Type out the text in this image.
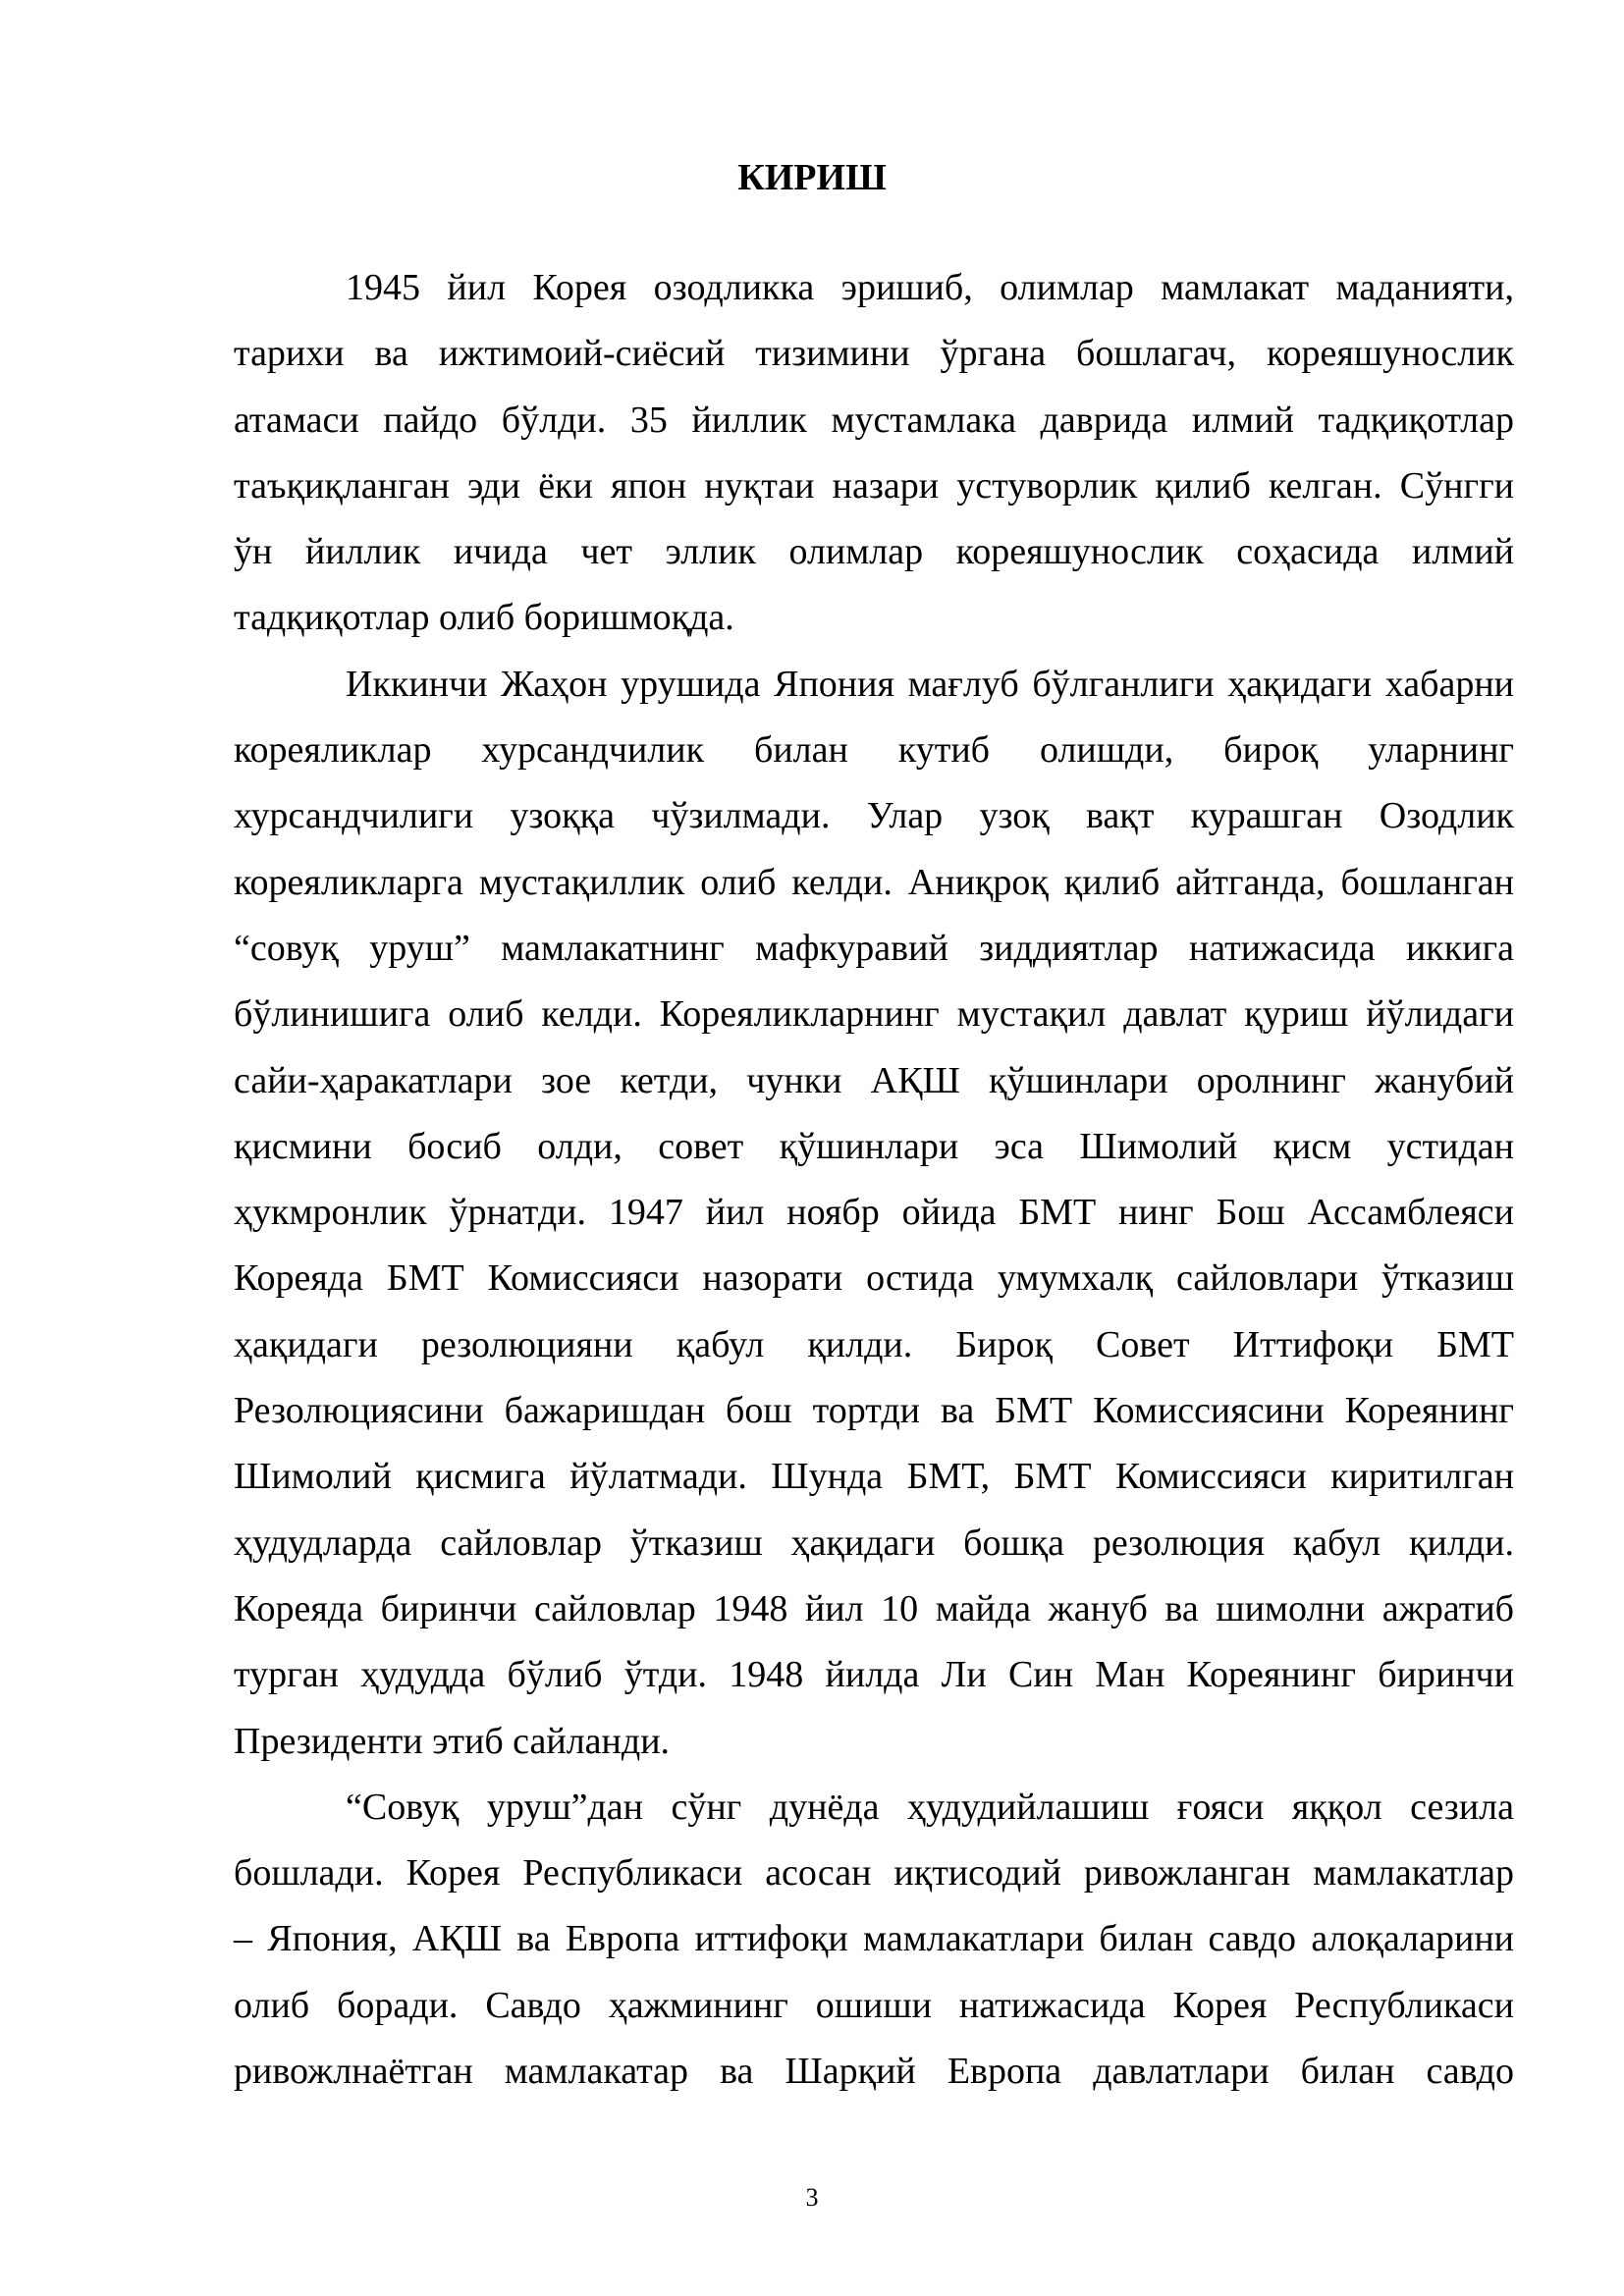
КИРИШ
1945 йил Корея озодликка эришиб, олимлар мамлакат маданияти,
тарихи ва ижтимоий-сиёсий тизимини ўргана бошлагач, корeяшунослик
атамаси пайдо бўлди. 35 йиллик мустамлака даврида илмий тадқиқотлар
таъқиқланган эди ёки япон нуқтаи назари устуворлик қилиб келган. Сўнгги
ўн йиллик ичида чет эллик олимлар корeяшунослик соҳасида илмий
тадқиқотлар олиб боришмоқда.
Иккинчи Жаҳон урушида Япония мағлуб бўлганлиги ҳақидаги хабарни
корeяликлар хурсандчилик билан кутиб олишди, бироқ уларнинг
хурсандчилиги узоққа чўзилмади. Улар узоқ вақт курашган Озодлик
корeяликларга мустақиллик олиб келди. Аниқроқ қилиб айтганда, бошланган
“совуқ уруш” мамлакатнинг мафкуравий зиддиятлар натижасида иккига
бўлинишига олиб келди. Корeяликларнинг мустақил давлат қуриш йўлидаги
сайи-ҳаракатлари зое кетди, чунки АҚШ қўшинлари оролнинг жанубий
қисмини босиб олди, совет қўшинлари эса Шимолий қисм устидан
ҳукмронлик ўрнатди. 1947 йил ноябр ойида БМТ нинг Бош Ассамблеяси
Корeяда БМТ Комиссияси назорати остида умумхалқ сайловлари ўтказиш
ҳақидаги резолюцияни қабул қилди. Бироқ Совет Иттифоқи БМТ
Резолюциясини бажаришдан бош тортди ва БМТ Комиссиясини Корeянинг
Шимолий қисмига йўлатмади. Шунда БМТ, БМТ Комиссияси киритилган
ҳудудларда сайловлар ўтказиш ҳақидаги бошқа резолюция қабул қилди.
Корeяда биринчи сайловлар 1948 йил 10 майда жануб ва шимолни ажратиб
турган ҳудудда бўлиб ўтди. 1948 йилда Ли Син Ман Корeянинг биринчи
Президенти этиб сайланди.
“Совуқ уруш”дан сўнг дунёда ҳудудийлашиш ғояси яққол сезила
бошлади. Корея Республикаси асосан иқтисодий ривожланган мамлакатлар
– Япония, АҚШ ва Европа иттифоқи мамлакатлари билан савдо алоқаларини
олиб боради. Савдо ҳажмининг ошиши натижасида Корея Республикаси
ривожлнаётган мамлакатар ва Шарқий Европа давлатлари билан савдо
3
